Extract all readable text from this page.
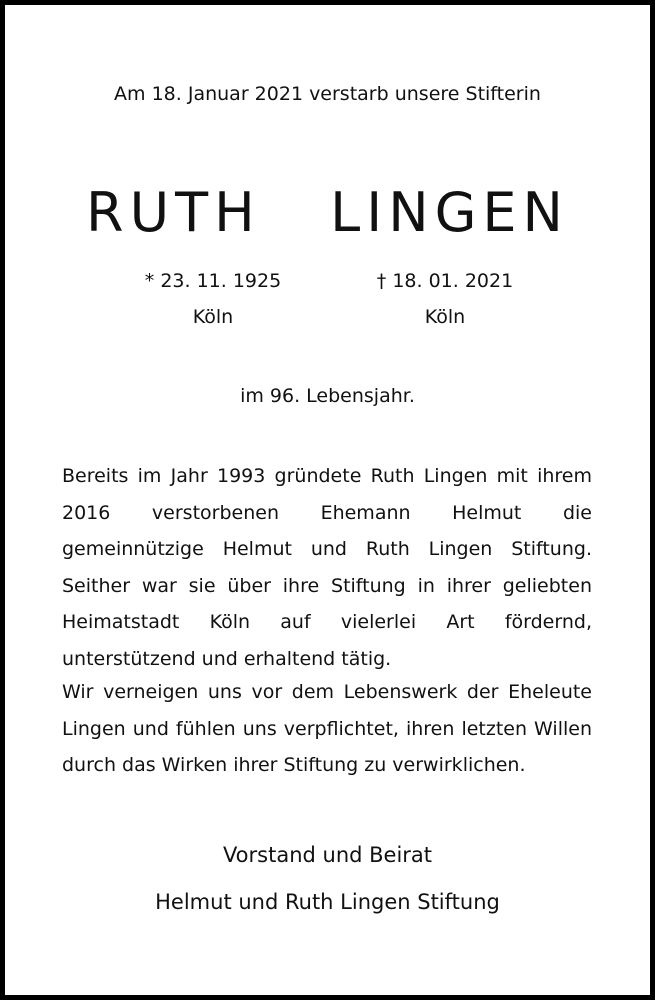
Am 18. Januar 2021 verstarb unsere Stifterin
RUTH   LINGEN
* 23. 11. 1925
Köln
† 18. 01. 2021
Köln
im 96. Lebensjahr.
Bereits im Jahr 1993 gründete Ruth Lingen mit ihrem 2016 verstorbenen Ehemann Helmut die gemeinnützige Helmut und Ruth Lingen Stiftung. Seither war sie über ihre Stiftung in ihrer geliebten Heimatstadt Köln auf vielerlei Art fördernd, unterstützend und erhaltend tätig.
Wir verneigen uns vor dem Lebenswerk der Eheleute Lingen und fühlen uns verpflichtet, ihren letzten Willen durch das Wirken ihrer Stiftung zu verwirklichen.
Vorstand und Beirat
Helmut und Ruth Lingen Stiftung
